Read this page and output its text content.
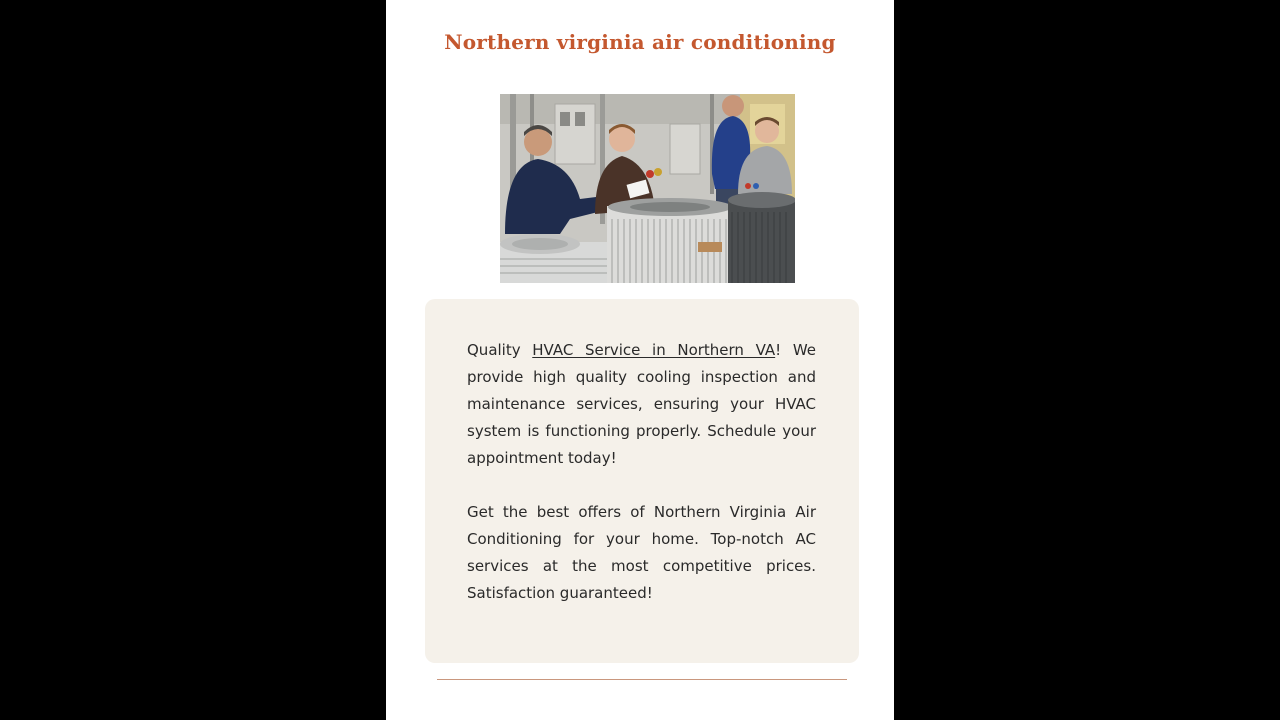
Northern virginia air conditioning

Quality HVAC Service in Northern VA! We provide high quality cooling inspection and maintenance services, ensuring your HVAC system is functioning properly. Schedule your appointment today!

Get the best offers of Northern Virginia Air Conditioning for your home. Top-notch AC services at the most competitive prices. Satisfaction guaranteed!
